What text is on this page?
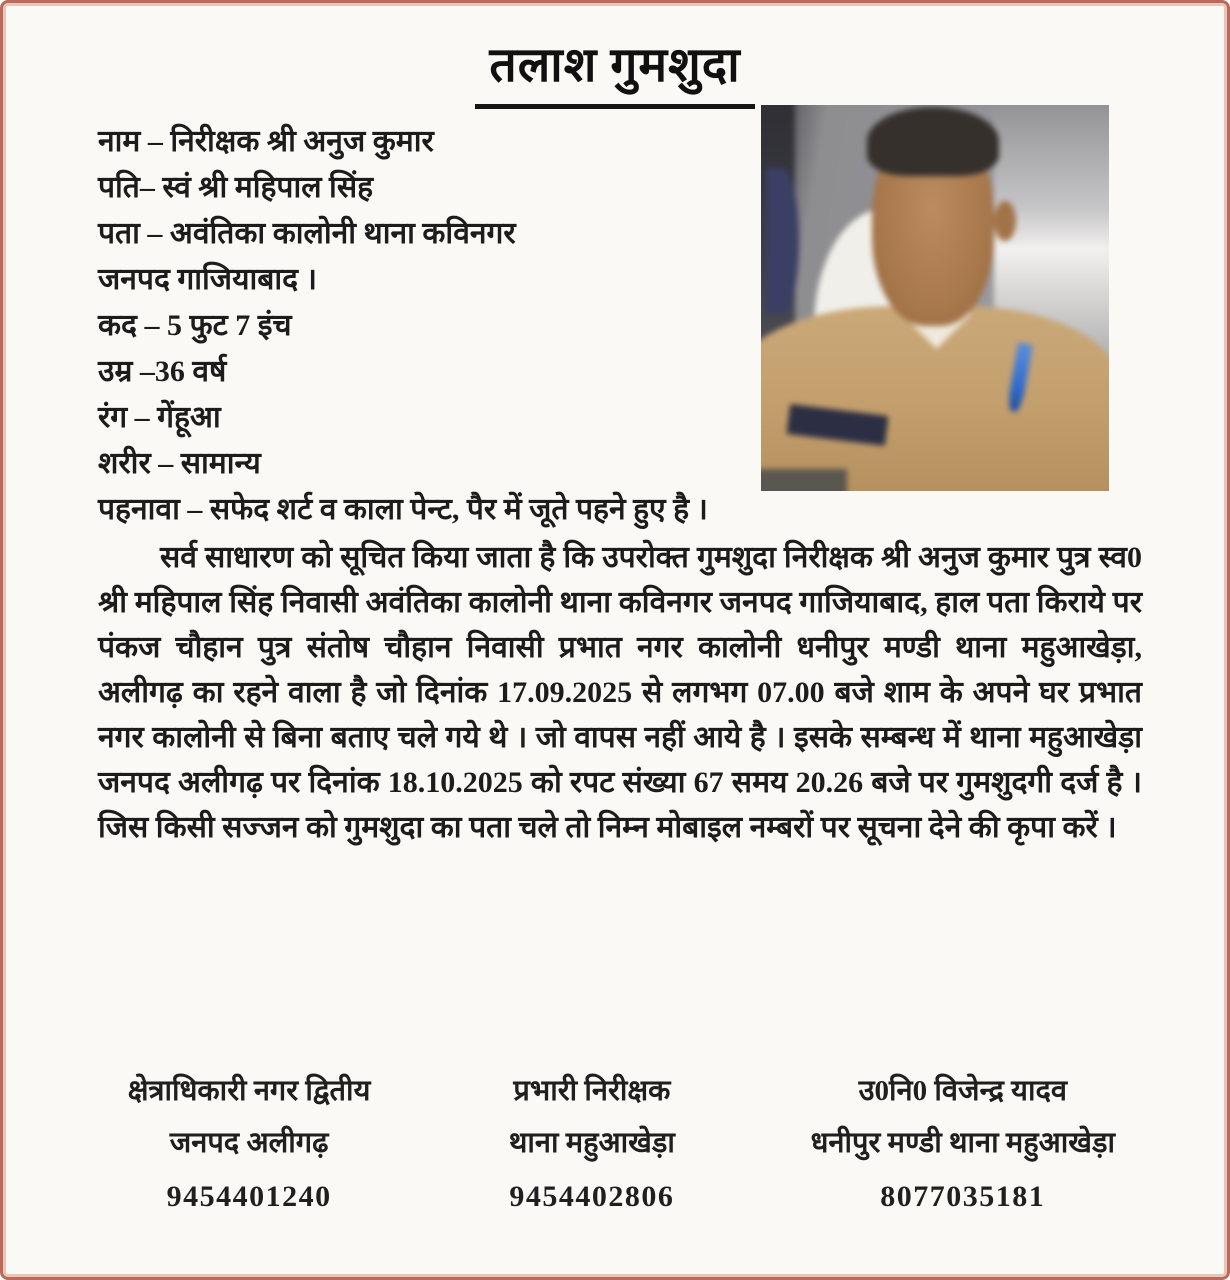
तलाश गुमशुदा
नाम – निरीक्षक श्री अनुज कुमार
पति– स्वं श्री महिपाल सिंह
पता – अवंतिका कालोनी थाना कविनगर
जनपद गाजियाबाद ।
कद – 5 फुट 7 इंच
उम्र –36 वर्ष
रंग – गेंहूआ
शरीर – सामान्य
पहनावा – सफेद शर्ट व काला पेन्ट, पैर में जूते पहने हुए है ।
सर्व साधारण को सूचित किया जाता है कि उपरोक्त गुमशुदा निरीक्षक श्री अनुज कुमार पुत्र स्व0 श्री महिपाल सिंह निवासी अवंतिका कालोनी थाना कविनगर जनपद गाजियाबाद, हाल पता किराये पर पंकज चौहान पुत्र संतोष चौहान निवासी प्रभात नगर कालोनी धनीपुर मण्डी थाना महुआखेड़ा, अलीगढ़ का रहने वाला है जो दिनांक 17.09.2025 से लगभग 07.00 बजे शाम के अपने घर प्रभात नगर कालोनी से बिना बताए चले गये थे । जो वापस नहीं आये है । इसके सम्बन्ध में थाना महुआखेड़ा जनपद अलीगढ़ पर दिनांक 18.10.2025 को रपट संख्या 67 समय 20.26 बजे पर गुमशुदगी दर्ज है । जिस किसी सज्जन को गुमशुदा का पता चले तो निम्न मोबाइल नम्बरों पर सूचना देने की कृपा करें ।
क्षेत्राधिकारी नगर द्वितीय
जनपद अलीगढ़
9454401240
प्रभारी निरीक्षक
थाना महुआखेड़ा
9454402806
उ0नि0 विजेन्द्र यादव
धनीपुर मण्डी थाना महुआखेड़ा
8077035181
